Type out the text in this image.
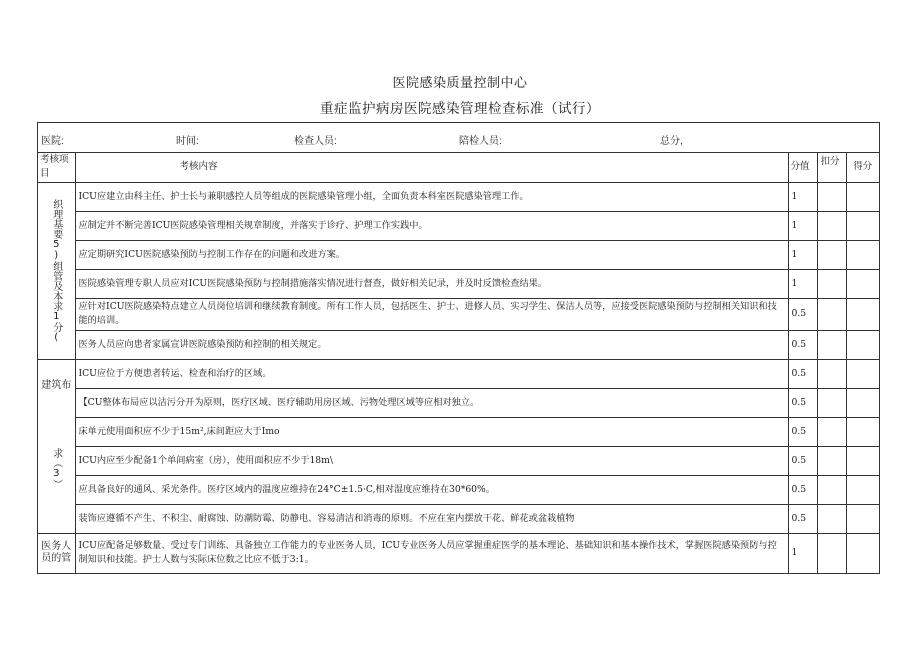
医院感染质量控制中心
重症监护病房医院感染管理检查标准（试行）
医院:	时间:	检查人员:	陪检人员:	总分,
考核项目	考核内容	分值	扣分	得分

织理基要5)组管及本求1分(	ICU应建立由科主任、护士长与兼职感控人员等组成的医院感染管理小组，全面负责本科室医院感染管理工作。	1		
	应制定并不断完善ICU医院感染管理相关规章制度，并落实于诊疗、护理工作实践中。	1		
	应定期研究ICU医院感染预防与控制工作存在的问题和改进方案。	1		
	医院感染管理专职人员应对ICU医院感染预防与控制措施落实情况进行督查，做好相关记录，并及时反馈检查结果。	1		
	应针对ICU医院感染特点建立人员岗位培训和继续教育制度。所有工作人员，包括医生、护士、进修人员、实习学生、保洁人员等，应接受医院感染预防与控制相关知识和技能的培训。	0.5		
	医务人员应向患者家属宣讲医院感染预防和控制的相关规定。	0.5		

建筑布
求（3）	ICU应位于方便患者转运、检查和治疗的区域。	0.5		
	【CU整体布局应以洁污分开为原则，医疗区域、医疗辅助用房区域、污物处理区域等应相对独立。	0.5		
	床单元使用面积应不少于15m²,床间距应大于Imo	0.5		
	ICU内应至少配备1个单间病室（房），使用面积应不少于18m\	0.5		
	应具备良好的通风、采光条件。医疗区域内的温度应维持在24°C±1.5·C,相对湿度应维持在30*60%。	0.5		
	装饰应遵循不产生、不积尘、耐腐蚀、防潮防霉、防静电、容易清洁和消毒的原则。不应在室内摆放干花、鲜花或盆栽植物	0.5		

医务人员的管	ICU应配备足够数量、受过专门训练、具备独立工作能力的专业医务人员，ICU专业医务人员应掌握重症医学的基本理论、基础知识和基本操作技术，掌握医院感染预防与控制知识和技能。护士人数与实际床位数之比应不低于3:1。	1		
